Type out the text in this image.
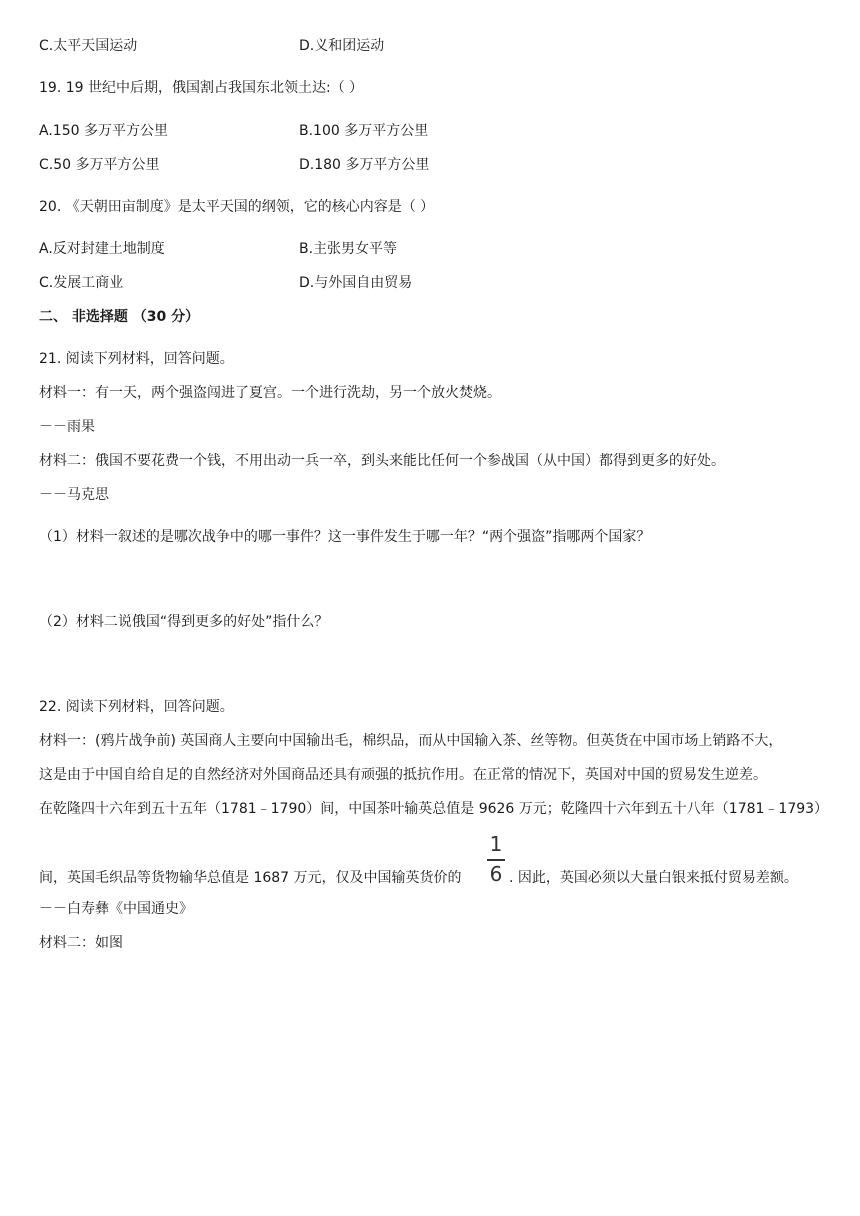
C.太平天国运动	D.义和团运动
19. 19 世纪中后期，俄国割占我国东北领土达:（ ）
A.150 多万平方公里	B.100 多万平方公里
C.50 多万平方公里	D.180 多万平方公里
20. 《天朝田亩制度》是太平天国的纲领，它的核心内容是（ ）
A.反对封建土地制度	B.主张男女平等
C.发展工商业	D.与外国自由贸易
二、 非选择题 （30 分）
21. 阅读下列材料，回答问题。
材料一：有一天，两个强盗闯进了夏宫。一个进行洗劫，另一个放火焚烧。
－－雨果
材料二：俄国不要花费一个钱，不用出动一兵一卒，到头来能比任何一个参战国（从中国）都得到更多的好处。
－－马克思
（1）材料一叙述的是哪次战争中的哪一事件？这一事件发生于哪一年？“两个强盗”指哪两个国家？
（2）材料二说俄国“得到更多的好处”指什么？
22. 阅读下列材料，回答问题。
材料一：(鸦片战争前) 英国商人主要向中国输出毛，棉织品，而从中国输入茶、丝等物。但英货在中国市场上销路不大，
这是由于中国自给自足的自然经济对外国商品还具有顽强的抵抗作用。在正常的情况下，英国对中国的贸易发生逆差。
在乾隆四十六年到五十五年（1781﹣1790）间，中国茶叶输英总值是 9626 万元；乾隆四十六年到五十八年（1781﹣1793）
间，英国毛织品等货物输华总值是 1687 万元，仅及中国输英货价的
1
6 . 因此，英国必须以大量白银来抵付贸易差额。
－－白寿彝《中国通史》
材料二：如图
